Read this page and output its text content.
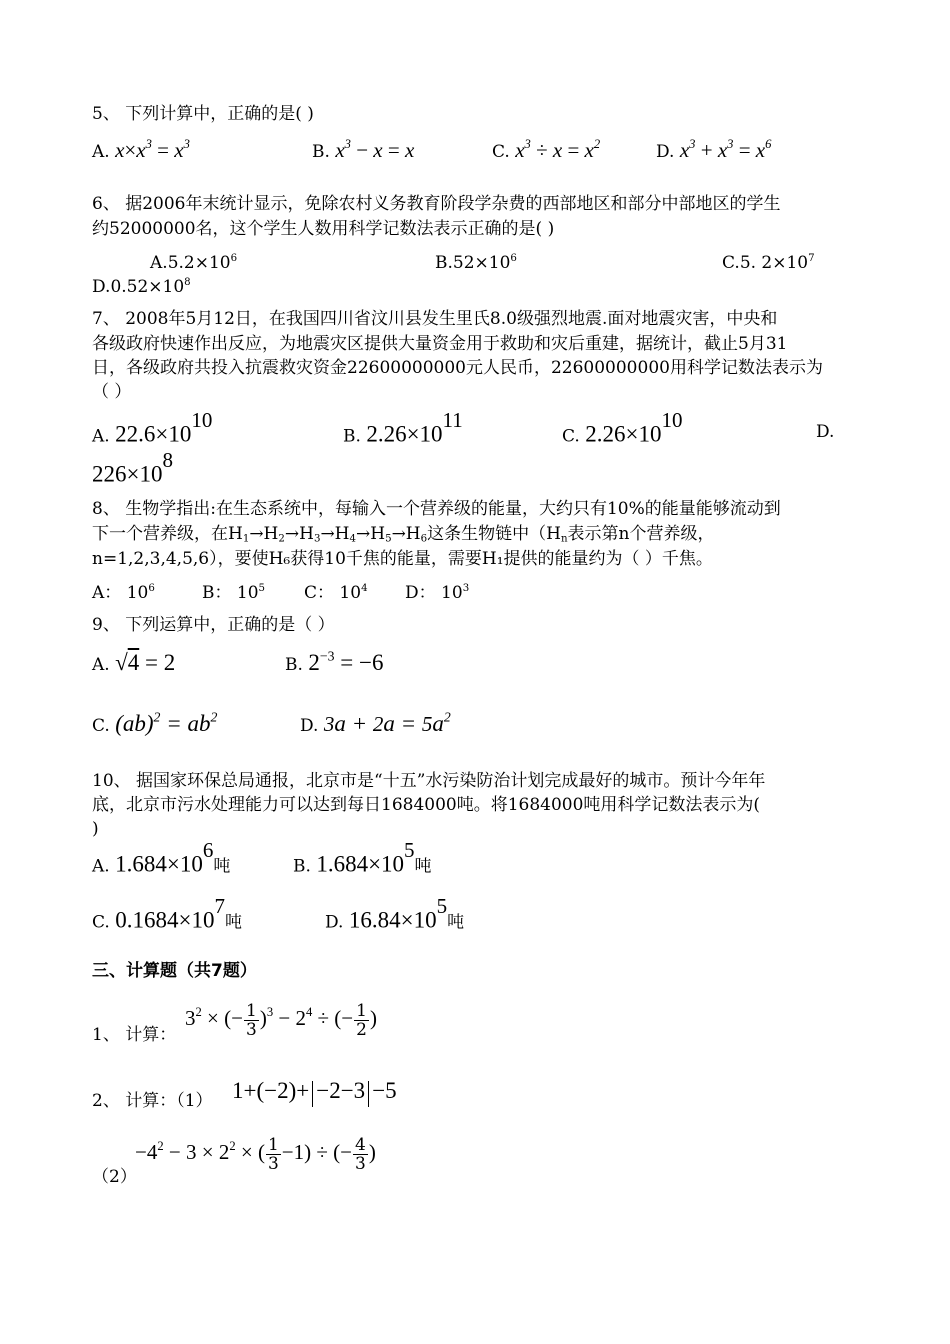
5、 下列计算中，正确的是( )
A. $x\times x^3 = x^3$	B. $x^3 - x = x$	C. $x^3 \div x = x^2$	D. $x^3 + x^3 = x^6$
6、 据2006年末统计显示，免除农村义务教育阶段学杂费的西部地区和部分中部地区的学生
约52000000名，这个学生人数用科学记数法表示正确的是( )
$A.5.2\times 10^6$	$B.52\times 10^6$	C.5. $2\times 10^7$
$D.0.52\times 10^8$
7、 2008年5月12日，在我国四川省汶川县发生里氏8.0级强烈地震.面对地震灾害，中央和
各级政府快速作出反应，为地震灾区提供大量资金用于救助和灾后重建，据统计，截止5月31
日，各级政府共投入抗震救灾资金22600000000元人民币，22600000000用科学记数法表示为
（ ）
A. $22.6\times 10^{10}$
B. $2.26\times 10^{11}$
C. $2.26\times 10^{10}$	D.
$226\times 10^8$
8、 生物学指出:在生态系统中，每输入一个营养级的能量，大约只有10%的能量能够流动到
下一个营养级，在$H_1\to H_2\to H_3\to H_4\to H_5\to H_6$这条生物链中（$H_n$表示第n个营养级，
n=1,2,3,4,5,6），要使H₆获得10千焦的能量，需要H₁提供的能量约为（ ）千焦。
A： $10^6$	B： $10^5$ C： $10^4$ D： $10^3$
9、 下列运算中，正确的是（ ）
A. √4 = 2	B. $2^{-3} = -6$
C. $(ab)^2 = ab^2$	D. $3a + 2a = 5a^2$
10、 据国家环保总局通报，北京市是“十五”水污染防治计划完成最好的城市。预计今年年
底，北京市污水处理能力可以达到每日1684000吨。将1684000吨用科学记数法表示为(
)
A. $1.684\times 10^6$吨	B. $1.684\times 10^5$吨
C. $0.1684\times 10^7$吨	D. $16.84\times 10^5$吨
三、计算题（共7题）
1、 计算：
$3^2$ × (− $\frac{1}{3} )^3 - 2^4$ ÷ (− $\frac{1}{2}$ )
2、 计算：（1） 1+(−2)+ −2−3 −5
（2）
$-4^2 - 3 \times 2^2$ × ( $\frac{1}{3} -1$) ÷ (− $\frac{4}{3}$ )
